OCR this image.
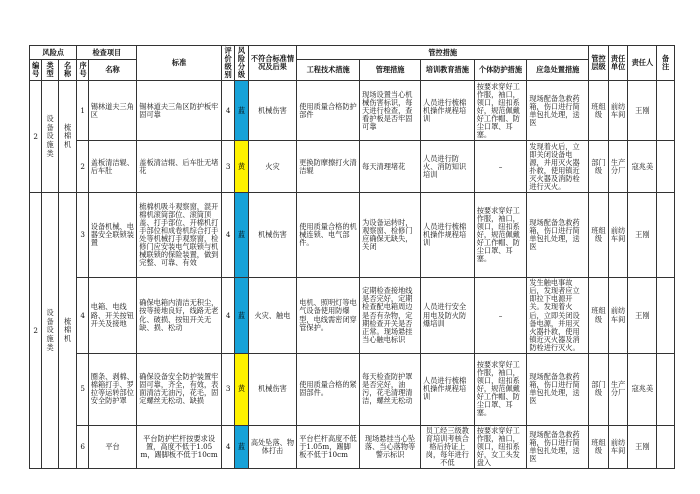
风险点			检查项目		标准	评价级别	风险分级	不符合标准情况及后果	管控措施					管控层级	责任单位	责任人	备注
编号	类型	名称	序号	名称					工程技术措施	管理措施	培训教育措施	个体防护措施	应急处置措施				
2	设备设施类	梳棉机	1	锡林道夫三角区	锡林道夫三角区防护板牢固可靠	4	蓝	机械伤害	使用质量合格防护部件	现场设置当心机械伤害标识，每天进行检查，查看护板是否牢固可靠	人员进行梳棉机操作规程培训	按要求穿好工作服，袖口，领口，纽扣系好，规范佩戴好工作帽、防尘口罩、耳塞。	现场配备急救药箱，伤口进行简单包扎处理，送医	班组级	前纺车间	王刚	
			2	盖板清洁辊、后车肚	盖板清洁辊、后车肚无堵花	3	黄	火灾	更换防摩擦打火清洁辊	每天清理堵花	人员进行防火、消防知识培训	–	发现着火后，立即关闭设备电源，并用灭火器扑救，使用镇近灭火器及消防栓进行灭火。	部门级	生产分厂	寇兆美	
2	设备设施类	梳棉机	3	设备机械、电器安全联锁装置	梳棉机吸斗观察窗，混开棉机滚筒部位、滚筒顶盖、打手部位、开棉机打手部位和成卷机综合打手处等机械打手观察窗，检修门应安装电气联锁与机械联锁的保险装置，做到完整、可靠、有效	4	蓝	机械伤害	使用质量合格的机械连锁、电气部件。	为设备运转时，观察窗、检修门应确保无缺失，关闭	人员进行梳棉机操作规程培训	按要求穿好工作服，袖口，领口，纽扣系好，规范佩戴好工作帽、防尘口罩、耳塞。	现场配备急救药箱，伤口进行简单包扎处理，送医	班组级	前纺车间	王刚	
			4	电箱、电线路、开关按钮开关及接地	确保电箱内清洁无积尘，按等接地良好，线路无老化、破损、按钮开关无缺、损、松动	4	蓝	火灾、触电	电机、照明灯等电气设备使用防爆型，电线需密闭穿管保护。	定期检查接地线是否完好，定期检查配电箱周边是否有杂物，定期检查开关是否正常。现场悬挂当心触电标识	人员进行安全用电及防火防爆培训	–	发生触电事故后，发现者应立即拉下电源开关。发现着火后，立即关闭设备电源，并用灭火器扑救，使用镇近灭火器及消防栓进行灭火。	班组级	前纺车间	王刚	
			5	圈条、剥棉、棉箱打手、罗拉等运转部位安全防护罩	确保设备安全防护装置牢固可靠，齐全，有效，表面清洁无油污，花毛，固定螺丝无松动、缺损	3	黄	机械伤害	使用质量合格的紧固部件。	每天检查防护罩是否完好，油污，花毛清理清洁，螺丝无松动	人员进行梳棉机操作规程培训	按要求穿好工作服，袖口，领口，纽扣系好，规范佩戴好工作帽、防尘口罩、耳塞。	现场配备急救药箱，伤口进行简单包扎处理，送医	部门级	生产分厂	寇兆美	
			6	平台	平台防护栏杆按要求设置，高度不低于1.05m，踢脚板不低于10cm	4	蓝	高处坠落、物体打击	平台栏杆高度不低于1.05m，踢脚板不低于10cm	现场悬挂当心坠落、当心落物等警示标识	员工经三级教育培训考核合格后持证上岗，每年进行不低	按要求穿好工作服，袖口，领口，纽扣系好，女工头发盘入	现场配备急救药箱，伤口进行简单包扎处理，送医	班组级	前纺车间	王刚	
